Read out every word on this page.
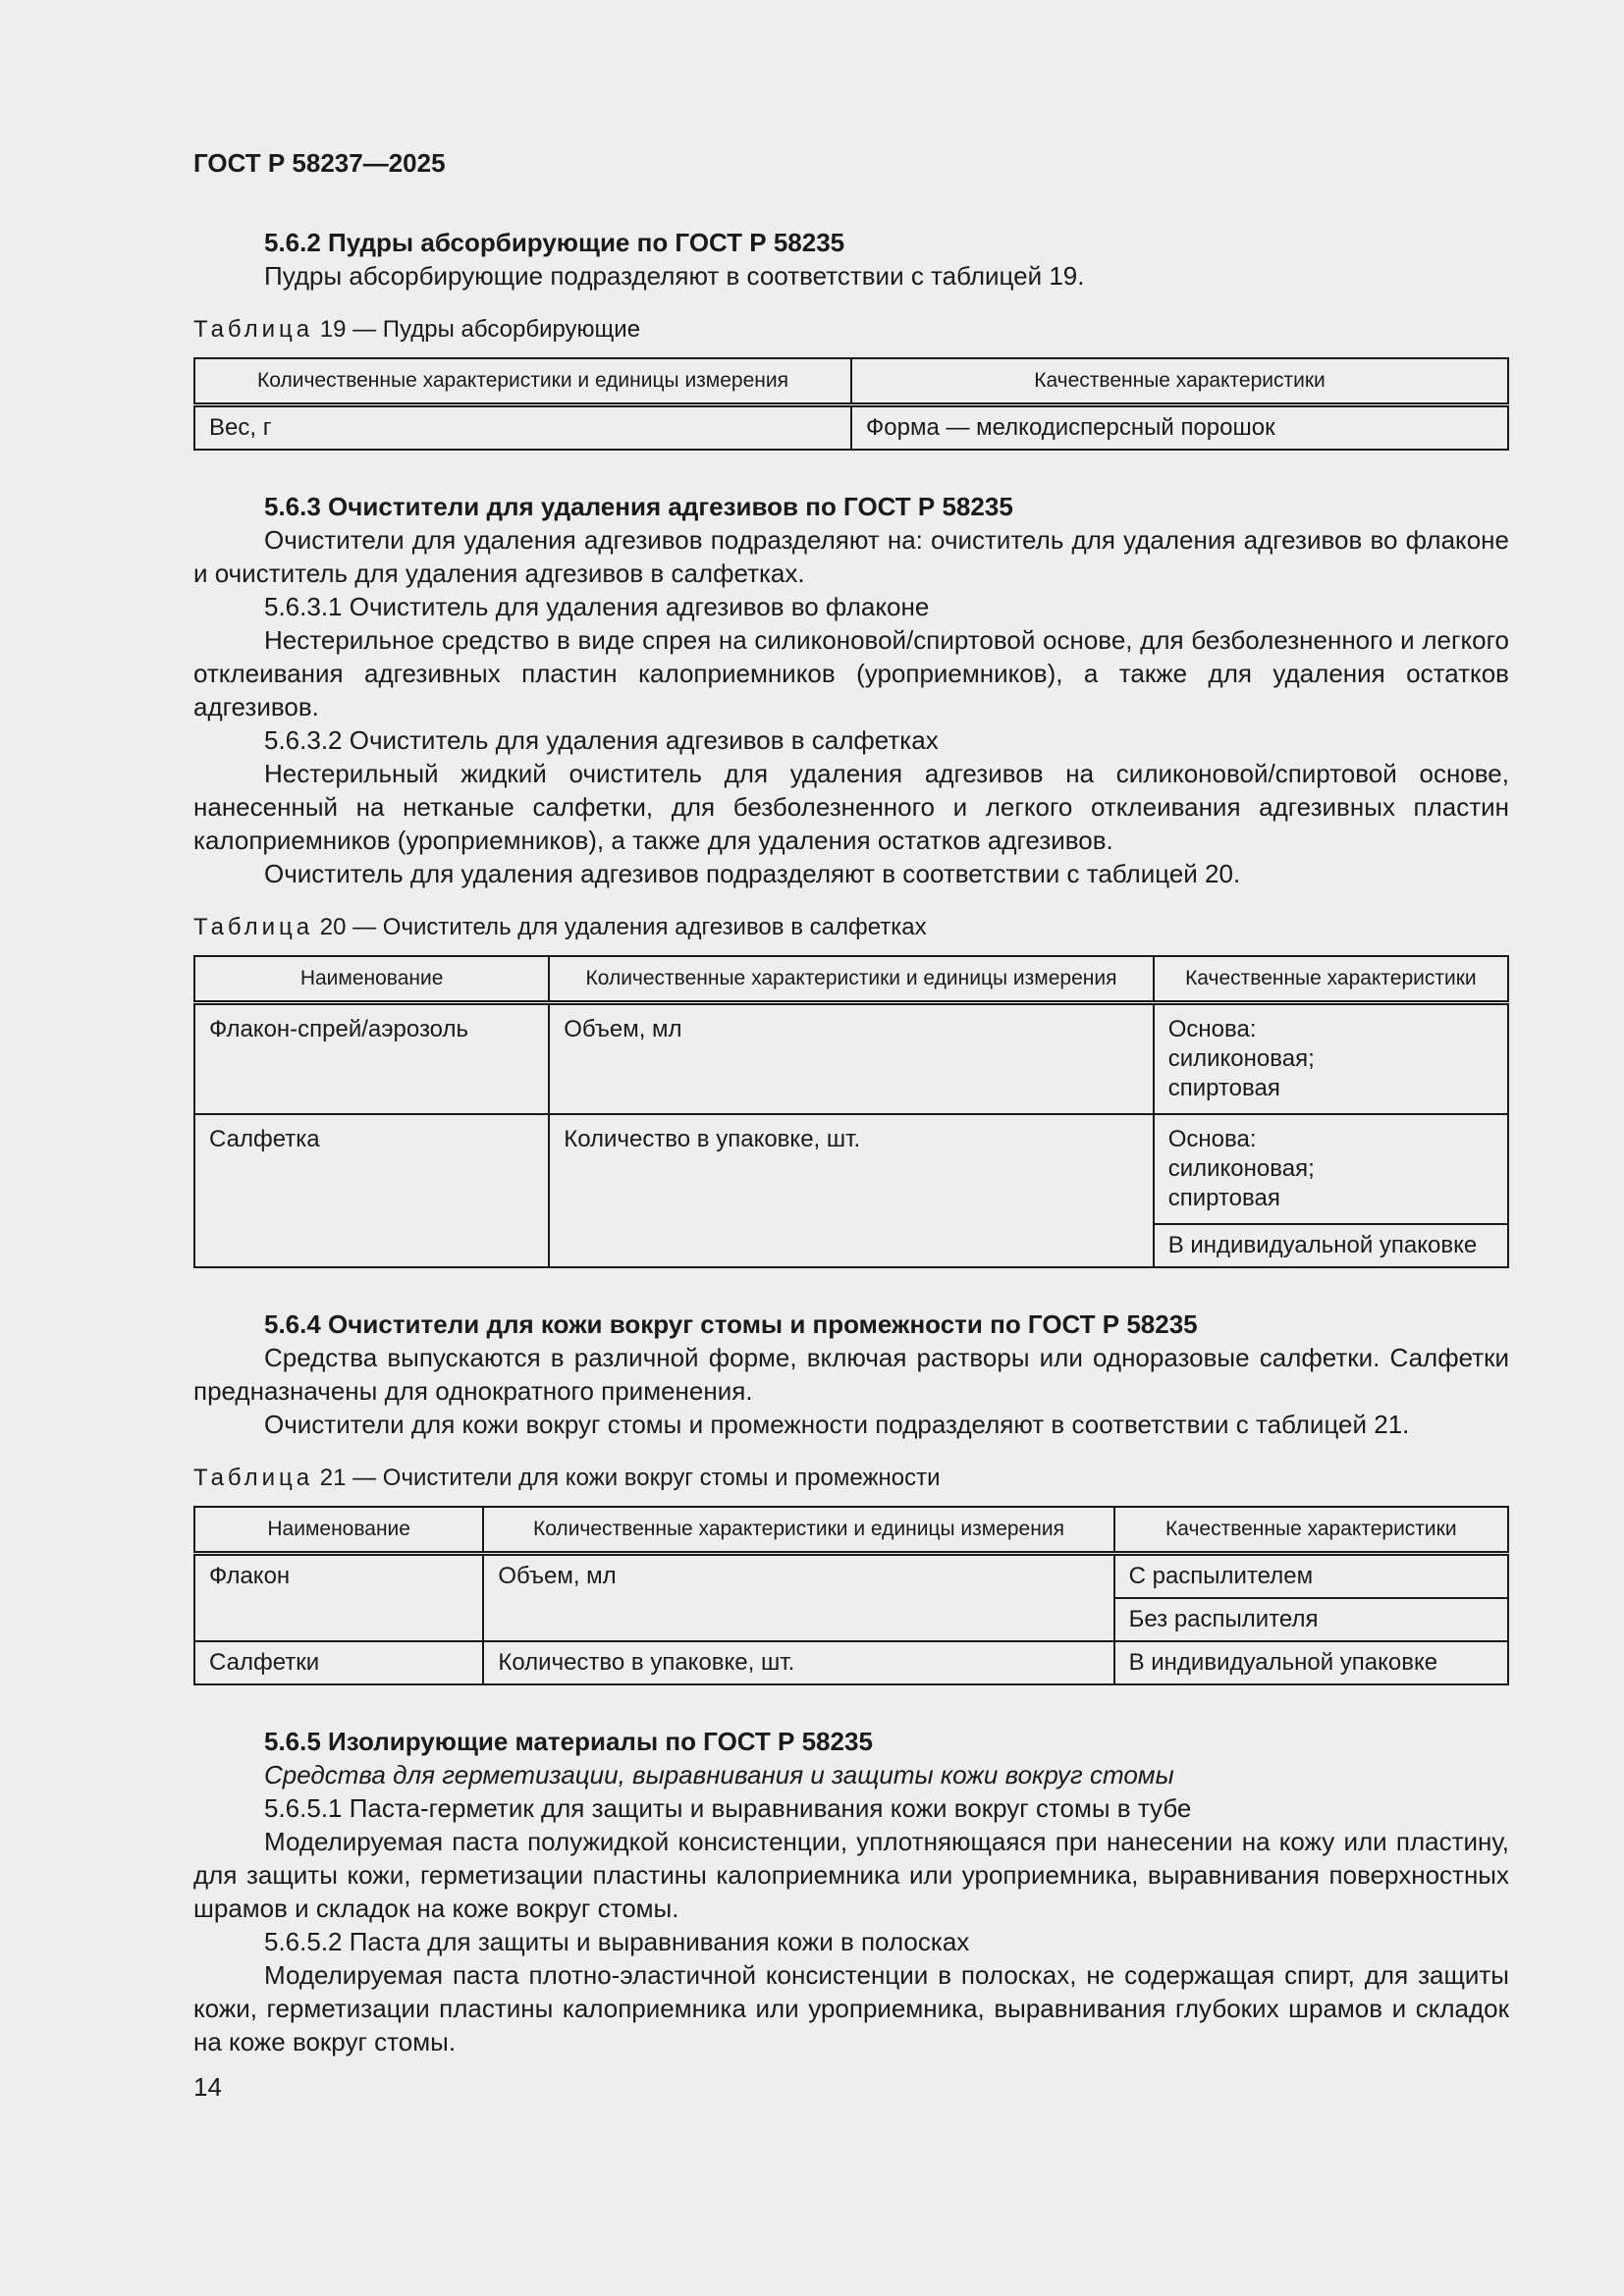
ГОСТ Р 58237—2025
5.6.2 Пудры абсорбирующие по ГОСТ Р 58235

Пудры абсорбирующие подразделяют в соответствии с таблицей 19.

Таблица 19 — Пудры абсорбирующие
Количественные характеристики и единицы измерения	Качественные характеристики
Вес, г	Форма — мелкодисперсный порошок
5.6.3 Очистители для удаления адгезивов по ГОСТ Р 58235

Очистители для удаления адгезивов подразделяют на: очиститель для удаления адгезивов во флаконе и очиститель для удаления адгезивов в салфетках.

5.6.3.1 Очиститель для удаления адгезивов во флаконе

Нестерильное средство в виде спрея на силиконовой/спиртовой основе, для безболезненного и легкого отклеивания адгезивных пластин калоприемников (уроприемников), а также для удаления остатков адгезивов.

5.6.3.2 Очиститель для удаления адгезивов в салфетках

Нестерильный жидкий очиститель для удаления адгезивов на силиконовой/спиртовой основе, нанесенный на нетканые салфетки, для безболезненного и легкого отклеивания адгезивных пластин калоприемников (уроприемников), а также для удаления остатков адгезивов.

Очиститель для удаления адгезивов подразделяют в соответствии с таблицей 20.

Таблица 20 — Очиститель для удаления адгезивов в салфетках
Наименование	Количественные характеристики и единицы измерения	Качественные характеристики
Флакон-спрей/аэрозоль	Объем, мл	Основа:
силиконовая;
спиртовая

Салфетка	Количество в упаковке, шт.	Основа:
силиконовая;
спиртовая

		В индивидуальной упаковке
5.6.4 Очистители для кожи вокруг стомы и промежности по ГОСТ Р 58235

Средства выпускаются в различной форме, включая растворы или одноразовые салфетки. Салфетки предназначены для однократного применения.

Очистители для кожи вокруг стомы и промежности подразделяют в соответствии с таблицей 21.

Таблица 21 — Очистители для кожи вокруг стомы и промежности
Наименование	Количественные характеристики и единицы измерения	Качественные характеристики
Флакон	Объем, мл	С распылителем
		Без распылителя
Салфетки	Количество в упаковке, шт.	В индивидуальной упаковке
5.6.5 Изолирующие материалы по ГОСТ Р 58235

Средства для герметизации, выравнивания и защиты кожи вокруг стомы

5.6.5.1 Паста-герметик для защиты и выравнивания кожи вокруг стомы в тубе

Моделируемая паста полужидкой консистенции, уплотняющаяся при нанесении на кожу или пластину, для защиты кожи, герметизации пластины калоприемника или уроприемника, выравнивания поверхностных шрамов и складок на коже вокруг стомы.

5.6.5.2 Паста для защиты и выравнивания кожи в полосках

Моделируемая паста плотно-эластичной консистенции в полосках, не содержащая спирт, для защиты кожи, герметизации пластины калоприемника или уроприемника, выравнивания глубоких шрамов и складок на коже вокруг стомы.

14
